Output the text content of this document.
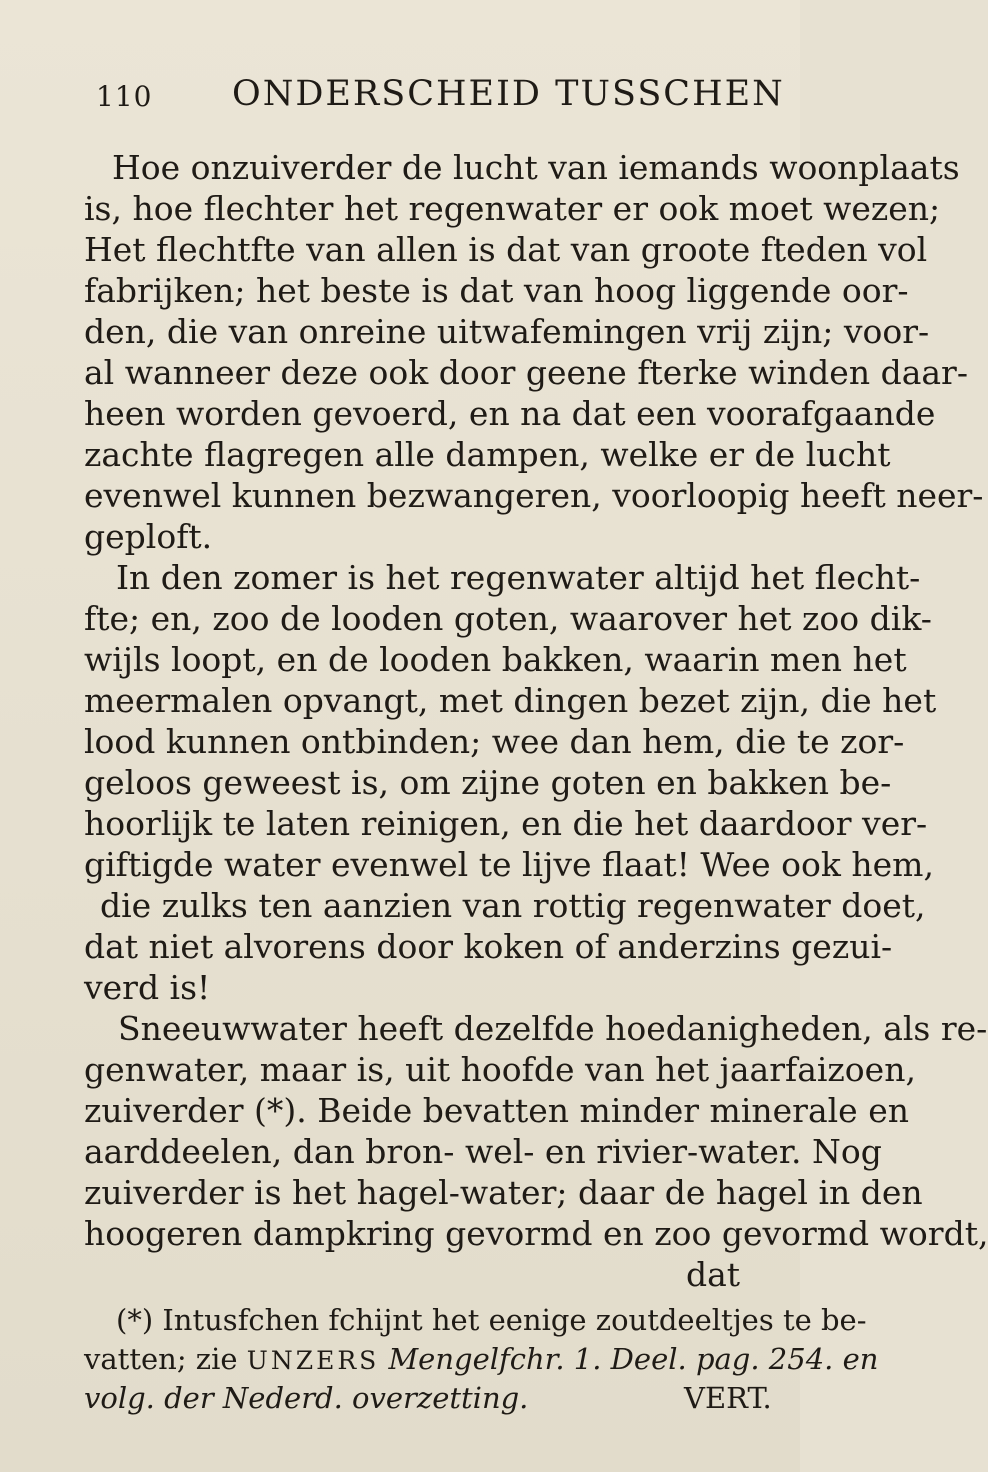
110 ONDERSCHEID TUSSCHEN
Hoe onzuiverder de lucht van iemands woonplaats
is, hoe flechter het regenwater er ook moet wezen;
Het flechtfte van allen is dat van groote fteden vol
fabrijken; het beste is dat van hoog liggende oor-
den, die van onreine uitwafemingen vrij zijn; voor-
al wanneer deze ook door geene fterke winden daar-
heen worden gevoerd, en na dat een voorafgaande
zachte flagregen alle dampen, welke er de lucht
evenwel kunnen bezwangeren, voorloopig heeft neer-
geploft.
In den zomer is het regenwater altijd het flecht-
fte; en, zoo de looden goten, waarover het zoo dik-
wijls loopt, en de looden bakken, waarin men het
meermalen opvangt, met dingen bezet zijn, die het
lood kunnen ontbinden; wee dan hem, die te zor-
geloos geweest is, om zijne goten en bakken be-
hoorlijk te laten reinigen, en die het daardoor ver-
giftigde water evenwel te lijve flaat! Wee ook hem,
die zulks ten aanzien van rottig regenwater doet,
dat niet alvorens door koken of anderzins gezui-
verd is!
Sneeuwwater heeft dezelfde hoedanigheden, als re-
genwater, maar is, uit hoofde van het jaarfaizoen,
zuiverder (*). Beide bevatten minder minerale en
aarddeelen, dan bron- wel- en rivier-water. Nog
zuiverder is het hagel-water; daar de hagel in den
hoogeren dampkring gevormd en zoo gevormd wordt,
dat
(*) Intusfchen fchijnt het eenige zoutdeeltjes te be-
vatten; zie UNZERS Mengelfchr. 1. Deel. pag. 254. en
volg. der Nederd. overzetting.	VERT.
